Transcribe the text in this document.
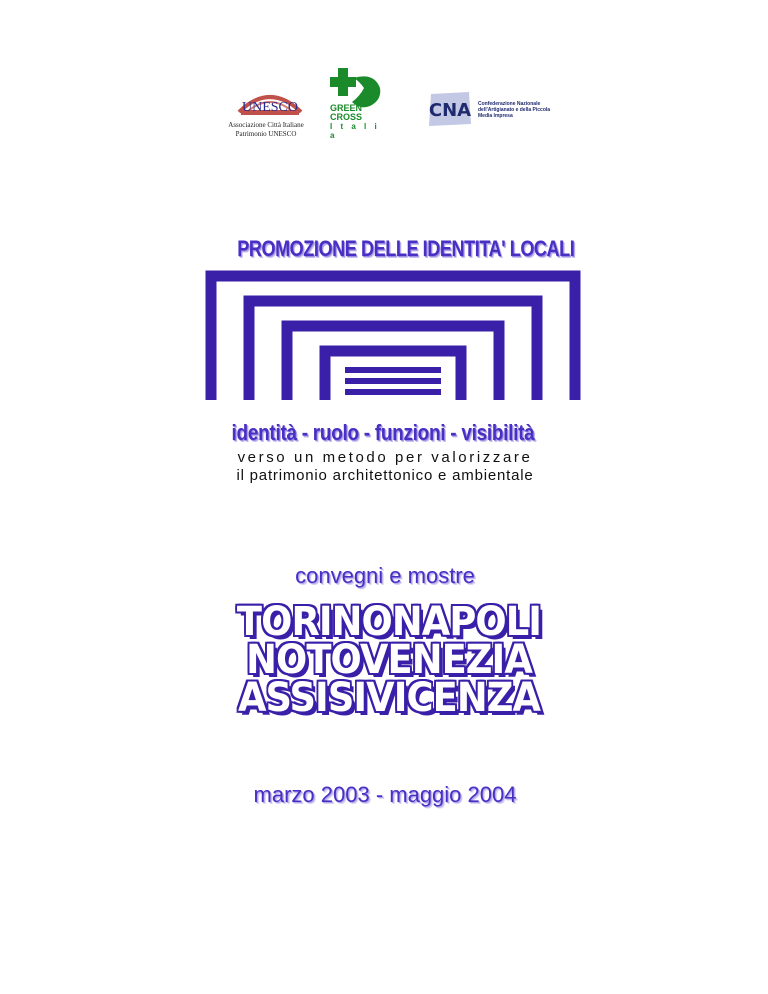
UNESCO
Associazione Città Italiane
Patrimonio UNESCO
GREEN
CROSS
I t a l i a
CNA Confederazione Nazionale
dell'Artigianato e della Piccola
Media Impresa
PROMOZIONE DELLE IDENTITA' LOCALI
identità - ruolo - funzioni - visibilità
verso un metodo per valorizzare
il patrimonio architettonico e ambientale
convegni e mostre
TORINONAPOLI
NOTOVENEZIA
ASSISIVICENZA
marzo 2003 - maggio 2004
